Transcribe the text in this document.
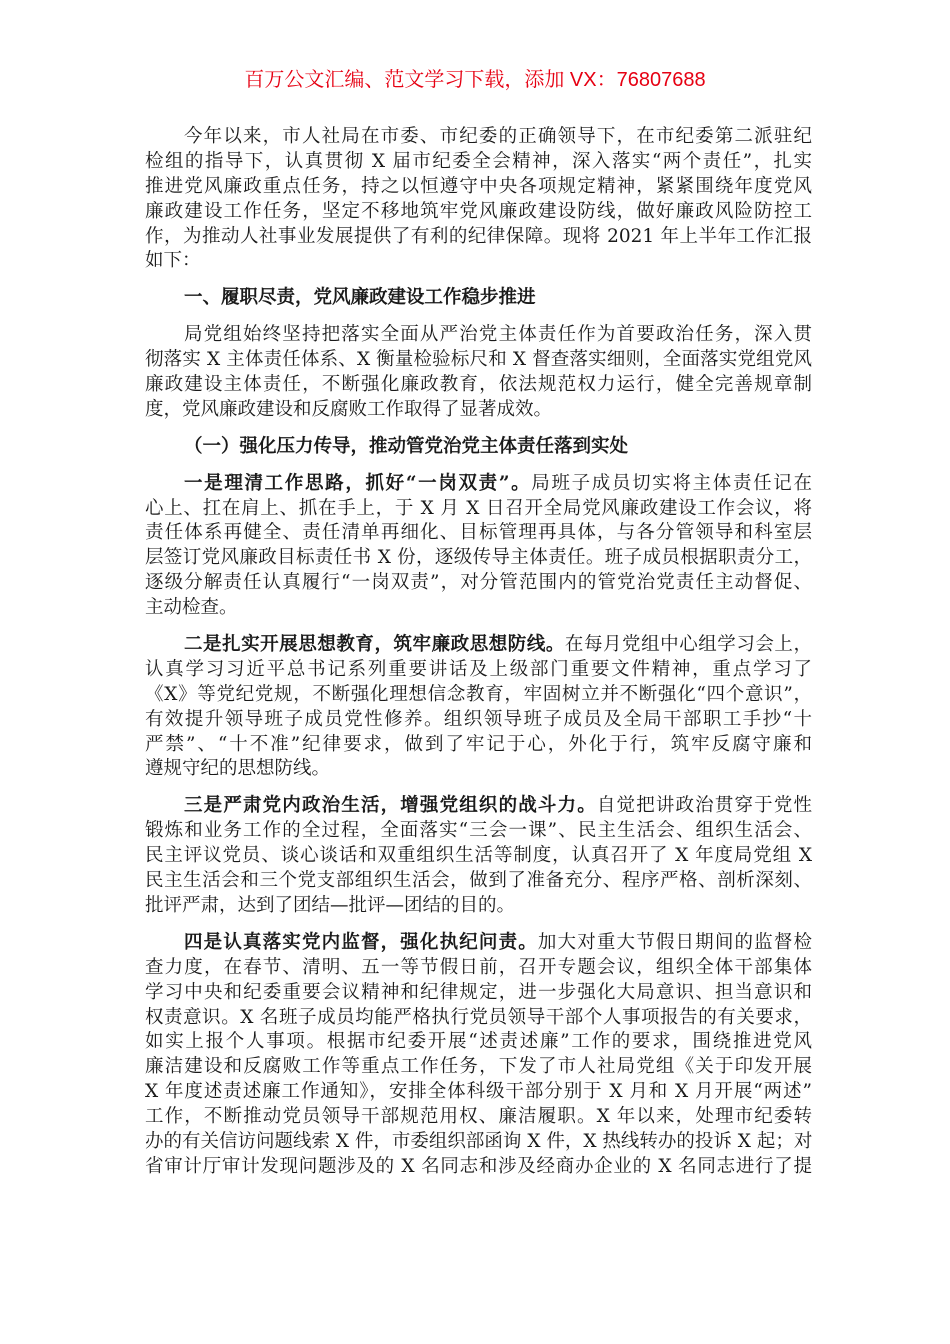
百万公文汇编、范文学习下载，添加 VX：76807688
今年以来，市人社局在市委、市纪委的正确领导下，在市纪委第二派驻纪
检组的指导下，认真贯彻 X 届市纪委全会精神，深入落实“两个责任”，扎实
推进党风廉政重点任务，持之以恒遵守中央各项规定精神，紧紧围绕年度党风
廉政建设工作任务，坚定不移地筑牢党风廉政建设防线，做好廉政风险防控工
作，为推动人社事业发展提供了有利的纪律保障。现将 2021 年上半年工作汇报
如下：
一、履职尽责，党风廉政建设工作稳步推进
局党组始终坚持把落实全面从严治党主体责任作为首要政治任务，深入贯
彻落实 X 主体责任体系、X 衡量检验标尺和 X 督查落实细则，全面落实党组党风
廉政建设主体责任，不断强化廉政教育，依法规范权力运行，健全完善规章制
度，党风廉政建设和反腐败工作取得了显著成效。
（一）强化压力传导，推动管党治党主体责任落到实处
一是理清工作思路，抓好“一岗双责”。局班子成员切实将主体责任记在
心上、扛在肩上、抓在手上，于 X 月 X 日召开全局党风廉政建设工作会议，将
责任体系再健全、责任清单再细化、目标管理再具体，与各分管领导和科室层
层签订党风廉政目标责任书 X 份，逐级传导主体责任。班子成员根据职责分工，
逐级分解责任认真履行“一岗双责”，对分管范围内的管党治党责任主动督促、
主动检查。
二是扎实开展思想教育，筑牢廉政思想防线。在每月党组中心组学习会上，
认真学习习近平总书记系列重要讲话及上级部门重要文件精神，重点学习了
《X》等党纪党规，不断强化理想信念教育，牢固树立并不断强化“四个意识”，
有效提升领导班子成员党性修养。组织领导班子成员及全局干部职工手抄“十
严禁”、“十不准”纪律要求，做到了牢记于心，外化于行，筑牢反腐守廉和
遵规守纪的思想防线。
三是严肃党内政治生活，增强党组织的战斗力。自觉把讲政治贯穿于党性
锻炼和业务工作的全过程，全面落实“三会一课”、民主生活会、组织生活会、
民主评议党员、谈心谈话和双重组织生活等制度，认真召开了 X 年度局党组 X
民主生活会和三个党支部组织生活会，做到了准备充分、程序严格、剖析深刻、
批评严肃，达到了团结—批评—团结的目的。
四是认真落实党内监督，强化执纪问责。加大对重大节假日期间的监督检
查力度，在春节、清明、五一等节假日前，召开专题会议，组织全体干部集体
学习中央和纪委重要会议精神和纪律规定，进一步强化大局意识、担当意识和
权责意识。X 名班子成员均能严格执行党员领导干部个人事项报告的有关要求，
如实上报个人事项。根据市纪委开展“述责述廉”工作的要求，围绕推进党风
廉洁建设和反腐败工作等重点工作任务，下发了市人社局党组《关于印发开展
X 年度述责述廉工作通知》，安排全体科级干部分别于 X 月和 X 月开展“两述”
工作，不断推动党员领导干部规范用权、廉洁履职。X 年以来，处理市纪委转
办的有关信访问题线索 X 件，市委组织部函询 X 件，X 热线转办的投诉 X 起；对
省审计厅审计发现问题涉及的 X 名同志和涉及经商办企业的 X 名同志进行了提
